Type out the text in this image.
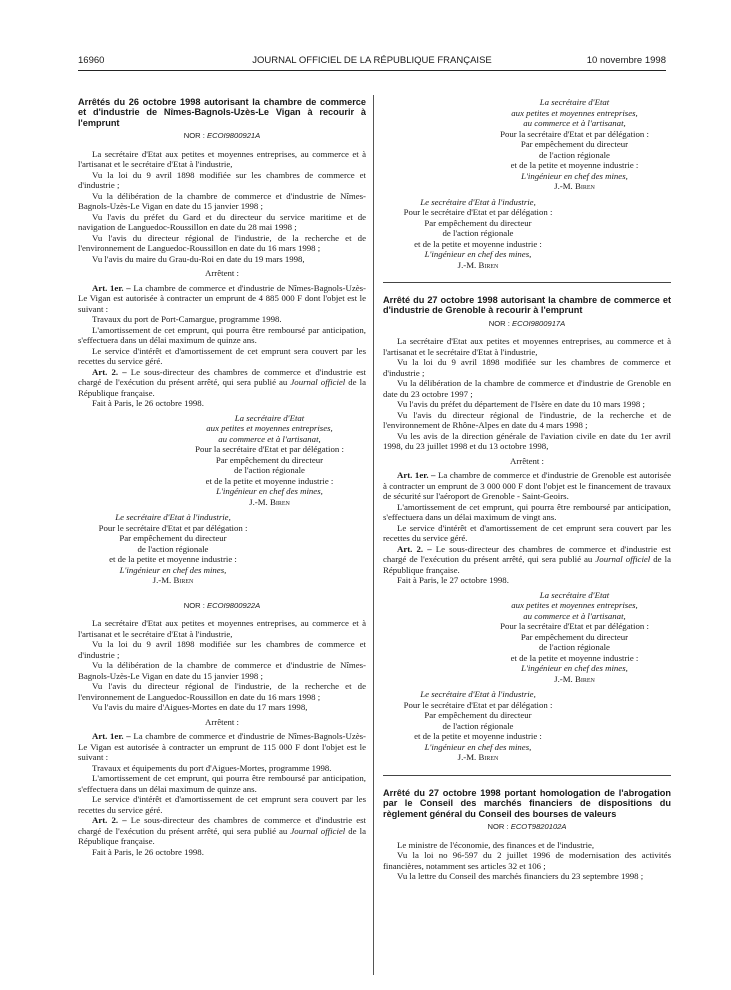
16960	JOURNAL OFFICIEL DE LA RÉPUBLIQUE FRANÇAISE	10 novembre 1998
Arrêtés du 26 octobre 1998 autorisant la chambre de commerce et d'industrie de Nîmes-Bagnols-Uzès-Le Vigan à recourir à l'emprunt
NOR : ECOI9800921A

La secrétaire d'Etat aux petites et moyennes entreprises, au commerce et à l'artisanat et le secrétaire d'Etat à l'industrie,

Vu la loi du 9 avril 1898 modifiée sur les chambres de commerce et d'industrie ;

Vu la délibération de la chambre de commerce et d'industrie de Nîmes-Bagnols-Uzès-Le Vigan en date du 15 janvier 1998 ;

Vu l'avis du préfet du Gard et du directeur du service maritime et de navigation de Languedoc-Roussillon en date du 28 mai 1998 ;

Vu l'avis du directeur régional de l'industrie, de la recherche et de l'environnement de Languedoc-Roussillon en date du 16 mars 1998 ;

Vu l'avis du maire du Grau-du-Roi en date du 19 mars 1998,

Arrêtent :

Art. 1er. – La chambre de commerce et d'industrie de Nîmes-Bagnols-Uzès-Le Vigan est autorisée à contracter un emprunt de 4 885 000 F dont l'objet est le suivant :

Travaux du port de Port-Camargue, programme 1998.

L'amortissement de cet emprunt, qui pourra être remboursé par anticipation, s'effectuera dans un délai maximum de quinze ans.

Le service d'intérêt et d'amortissement de cet emprunt sera couvert par les recettes du service géré.

Art. 2. – Le sous-directeur des chambres de commerce et d'industrie est chargé de l'exécution du présent arrêté, qui sera publié au Journal officiel de la République française.

Fait à Paris, le 26 octobre 1998.

La secrétaire d'Etat
aux petites et moyennes entreprises,
au commerce et à l'artisanat,
Pour la secrétaire d'Etat et par délégation :
Par empêchement du directeur
de l'action régionale
et de la petite et moyenne industrie :
L'ingénieur en chef des mines,
J.-M. Biren
Le secrétaire d'Etat à l'industrie,
Pour le secrétaire d'Etat et par délégation :
Par empêchement du directeur
de l'action régionale
et de la petite et moyenne industrie :
L'ingénieur en chef des mines,
J.-M. Biren
NOR : ECOI9800922A

La secrétaire d'Etat aux petites et moyennes entreprises, au commerce et à l'artisanat et le secrétaire d'Etat à l'industrie,

Vu la loi du 9 avril 1898 modifiée sur les chambres de commerce et d'industrie ;

Vu la délibération de la chambre de commerce et d'industrie de Nîmes-Bagnols-Uzès-Le Vigan en date du 15 janvier 1998 ;

Vu l'avis du directeur régional de l'industrie, de la recherche et de l'environnement de Languedoc-Roussillon en date du 16 mars 1998 ;

Vu l'avis du maire d'Aigues-Mortes en date du 17 mars 1998,

Arrêtent :

Art. 1er. – La chambre de commerce et d'industrie de Nîmes-Bagnols-Uzès-Le Vigan est autorisée à contracter un emprunt de 115 000 F dont l'objet est le suivant :

Travaux et équipements du port d'Aigues-Mortes, programme 1998.

L'amortissement de cet emprunt, qui pourra être remboursé par anticipation, s'effectuera dans un délai maximum de quinze ans.

Le service d'intérêt et d'amortissement de cet emprunt sera couvert par les recettes du service géré.

Art. 2. – Le sous-directeur des chambres de commerce et d'industrie est chargé de l'exécution du présent arrêté, qui sera publié au Journal officiel de la République française.

Fait à Paris, le 26 octobre 1998.

La secrétaire d'Etat
aux petites et moyennes entreprises,
au commerce et à l'artisanat,
Pour la secrétaire d'Etat et par délégation :
Par empêchement du directeur
de l'action régionale
et de la petite et moyenne industrie :
L'ingénieur en chef des mines,
J.-M. Biren
Le secrétaire d'Etat à l'industrie,
Pour le secrétaire d'Etat et par délégation :
Par empêchement du directeur
de l'action régionale
et de la petite et moyenne industrie :
L'ingénieur en chef des mines,
J.-M. Biren
Arrêté du 27 octobre 1998 autorisant la chambre de commerce et d'industrie de Grenoble à recourir à l'emprunt
NOR : ECOI9800917A

La secrétaire d'Etat aux petites et moyennes entreprises, au commerce et à l'artisanat et le secrétaire d'Etat à l'industrie,

Vu la loi du 9 avril 1898 modifiée sur les chambres de commerce et d'industrie ;

Vu la délibération de la chambre de commerce et d'industrie de Grenoble en date du 23 octobre 1997 ;

Vu l'avis du préfet du département de l'Isère en date du 10 mars 1998 ;

Vu l'avis du directeur régional de l'industrie, de la recherche et de l'environnement de Rhône-Alpes en date du 4 mars 1998 ;

Vu les avis de la direction générale de l'aviation civile en date du 1er avril 1998, du 23 juillet 1998 et du 13 octobre 1998,

Arrêtent :

Art. 1er. – La chambre de commerce et d'industrie de Grenoble est autorisée à contracter un emprunt de 3 000 000 F dont l'objet est le financement de travaux de sécurité sur l'aéroport de Grenoble - Saint-Geoirs.

L'amortissement de cet emprunt, qui pourra être remboursé par anticipation, s'effectuera dans un délai maximum de vingt ans.

Le service d'intérêt et d'amortissement de cet emprunt sera couvert par les recettes du service géré.

Art. 2. – Le sous-directeur des chambres de commerce et d'industrie est chargé de l'exécution du présent arrêté, qui sera publié au Journal officiel de la République française.

Fait à Paris, le 27 octobre 1998.

La secrétaire d'Etat
aux petites et moyennes entreprises,
au commerce et à l'artisanat,
Pour la secrétaire d'Etat et par délégation :
Par empêchement du directeur
de l'action régionale
et de la petite et moyenne industrie :
L'ingénieur en chef des mines,
J.-M. Biren
Le secrétaire d'Etat à l'industrie,
Pour le secrétaire d'Etat et par délégation :
Par empêchement du directeur
de l'action régionale
et de la petite et moyenne industrie :
L'ingénieur en chef des mines,
J.-M. Biren
Arrêté du 27 octobre 1998 portant homologation de l'abrogation par le Conseil des marchés financiers de dispositions du règlement général du Conseil des bourses de valeurs
NOR : ECOT9820102A

Le ministre de l'économie, des finances et de l'industrie,

Vu la loi no 96-597 du 2 juillet 1996 de modernisation des activités financières, notamment ses articles 32 et 106 ;

Vu la lettre du Conseil des marchés financiers du 23 septembre 1998 ;
